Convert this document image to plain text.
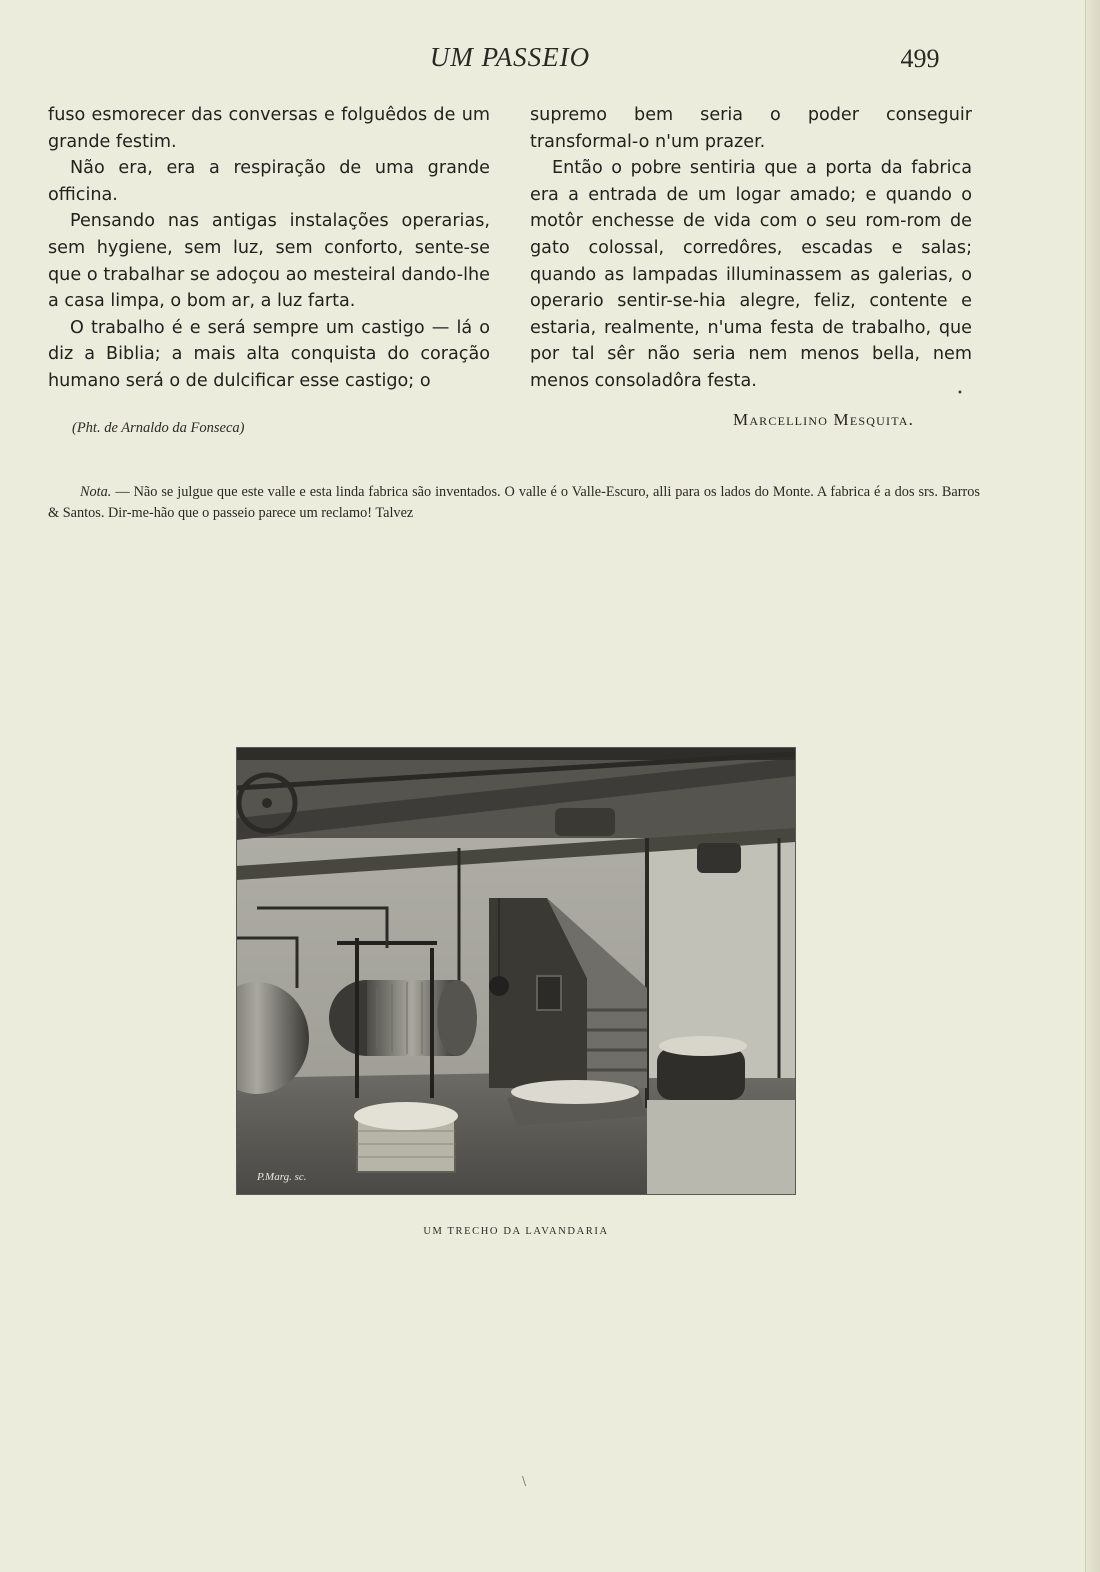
UM PASSEIO	499

fuso esmorecer das conversas e folguêdos de um grande festim.

Não era, era a respiração de uma grande officina.

Pensando nas antigas instalações operarias, sem hygiene, sem luz, sem conforto, sente-se que o trabalhar se adoçou ao mesteiral dando-lhe a casa limpa, o bom ar, a luz farta.

O trabalho é e será sempre um castigo — lá o diz a Biblia; a mais alta conquista do coração humano será o de dulcificar esse castigo; o

supremo bem seria o poder conseguir transformal-o n'um prazer.

Então o pobre sentiria que a porta da fabrica era a entrada de um logar amado; e quando o motôr enchesse de vida com o seu rom-rom de gato colossal, corredôres, escadas e salas; quando as lampadas illuminassem as galerias, o operario sentir-se-hia alegre, feliz, contente e estaria, realmente, n'uma festa de trabalho, que por tal sêr não seria nem menos bella, nem menos consoladôra festa.

•
(Pht. de Arnaldo da Fonseca)	Marcellino Mesquita.
Nota. — Não se julgue que este valle e esta linda fabrica são inventados. O valle é o Valle-Escuro, alli para os lados do Monte. A fabrica é a dos srs. Barros & Santos. Dir-me-hão que o passeio parece um reclamo! Talvez
P.Marg. sc.
UM TRECHO DA LAVANDARIA
\
